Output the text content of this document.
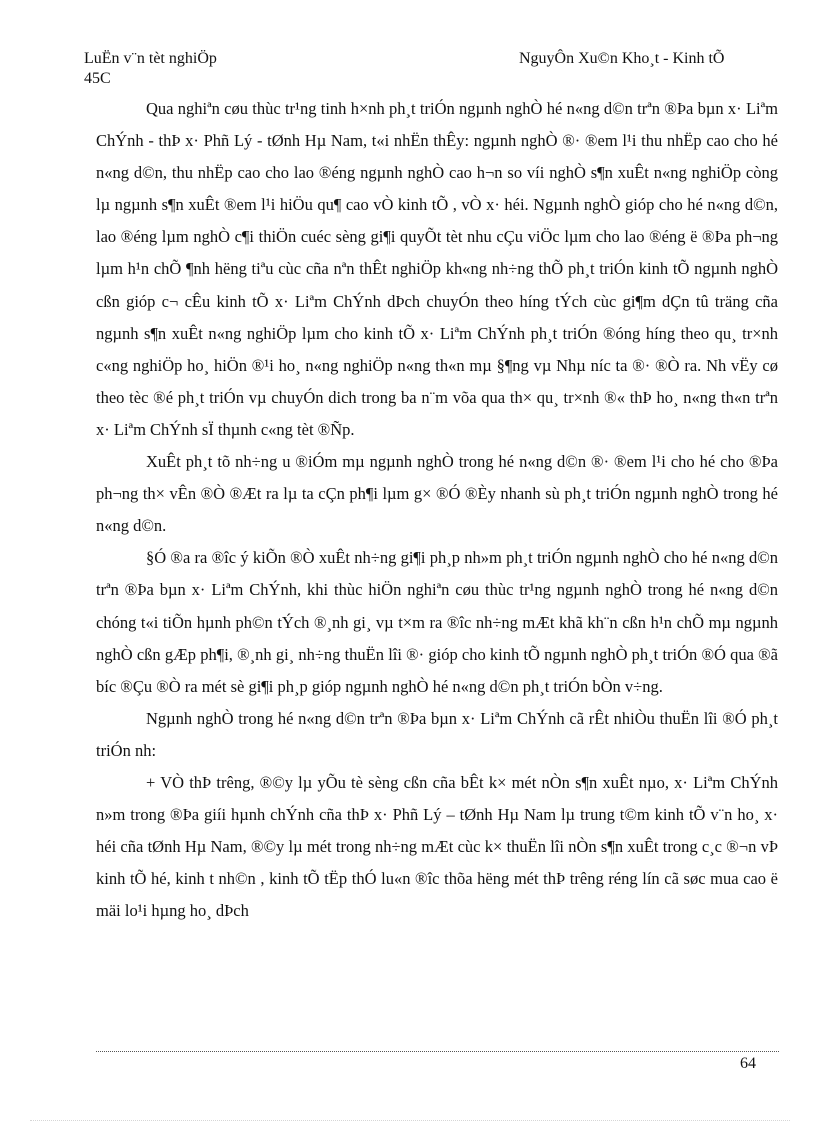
LuËn v¨n tèt nghiÖp	NguyÔn Xu©n Kho¸t - Kinh tÕ
45C

Qua nghiªn cøu thùc tr¹ng tinh h×nh ph¸t triÓn ngµnh nghÒ hé n«ng d©n trªn ®Þa bµn x· Liªm ChÝnh - thÞ x· Phñ Lý - tØnh Hµ Nam, t«i nhËn thÊy: ngµnh nghÒ ®· ®em l¹i thu nhËp cao cho hé n«ng d©n, thu nhËp cao cho lao ®éng ngµnh nghÒ cao h¬n so víi nghÒ s¶n xuÊt n«ng nghiÖp còng lµ ngµnh s¶n xuÊt ®em l¹i hiÖu qu¶ cao vÒ kinh tÕ , vÒ x· héi. Ngµnh nghÒ gióp cho hé n«ng d©n, lao ®éng lµm nghÒ c¶i thiÖn cuéc sèng gi¶i quyÕt tèt nhu cÇu viÖc lµm cho lao ®éng ë ®Þa ph¬ng lµm h¹n chÕ ¶nh hëng tiªu cùc cña nªn thÊt nghiÖp kh«ng nh÷ng thÕ ph¸t triÓn kinh tÕ ngµnh nghÒ cßn gióp c¬ cÊu kinh tÕ x· Liªm ChÝnh dÞch chuyÓn theo híng tÝch cùc gi¶m dÇn tû träng cña ngµnh s¶n xuÊt n«ng nghiÖp lµm cho kinh tÕ x· Liªm ChÝnh ph¸t triÓn ®óng híng theo qu¸ tr×nh c«ng nghiÖp ho¸ hiÖn ®¹i ho¸ n«ng nghiÖp n«ng th«n mµ §¶ng vµ Nhµ níc ta ®· ®Ò ra. Nh vËy cø theo tèc ®é ph¸t triÓn vµ chuyÓn dich trong ba n¨m võa qua th× qu¸ tr×nh ®« thÞ ho¸ n«ng th«n trªn x· Liªm ChÝnh sÏ thµnh c«ng tèt ®Ñp.

XuÊt ph¸t tõ nh÷ng u ®iÓm mµ ngµnh nghÒ trong hé n«ng d©n ®· ®em l¹i cho hé cho ®Þa ph¬ng th× vÊn ®Ò ®Æt ra lµ ta cÇn ph¶i lµm g× ®Ó ®Èy nhanh sù ph¸t triÓn ngµnh nghÒ trong hé n«ng d©n.

§Ó ®a ra ®îc ý kiÕn ®Ò xuÊt nh÷ng gi¶i ph¸p nh»m ph¸t triÓn ngµnh nghÒ cho hé n«ng d©n trªn ®Þa bµn x· Liªm ChÝnh, khi thùc hiÖn nghiªn cøu thùc tr¹ng ngµnh nghÒ trong hé n«ng d©n chóng t«i tiÕn hµnh ph©n tÝch ®¸nh gi¸ vµ t×m ra ®îc nh÷ng mÆt khã kh¨n cßn h¹n chÕ mµ ngµnh nghÒ cßn gÆp ph¶i, ®¸nh gi¸ nh÷ng thuËn lîi ®· gióp cho kinh tÕ ngµnh nghÒ ph¸t triÓn ®Ó qua ®ã bíc ®Çu ®Ò ra mét sè gi¶i ph¸p gióp ngµnh nghÒ hé n«ng d©n ph¸t triÓn bÒn v÷ng.

Ngµnh nghÒ trong hé n«ng d©n trªn ®Þa bµn x· Liªm ChÝnh cã rÊt nhiÒu thuËn lîi ®Ó ph¸t triÓn nh:

+ VÒ thÞ trêng, ®©y lµ yÕu tè sèng cßn cña bÊt k× mét nÒn s¶n xuÊt nµo, x· Liªm ChÝnh n»m trong ®Þa giíi hµnh chÝnh cña thÞ x· Phñ Lý – tØnh Hµ Nam lµ trung t©m kinh tÕ v¨n ho¸ x· héi cña tØnh Hµ Nam, ®©y lµ mét trong nh÷ng mÆt cùc k× thuËn lîi nÒn s¶n xuÊt trong c¸c ®¬n vÞ kinh tÕ hé, kinh t nh©n , kinh tÕ tËp thÓ lu«n ®îc thõa hëng mét thÞ trêng réng lín cã søc mua cao ë mäi lo¹i hµng ho¸ dÞch

64
